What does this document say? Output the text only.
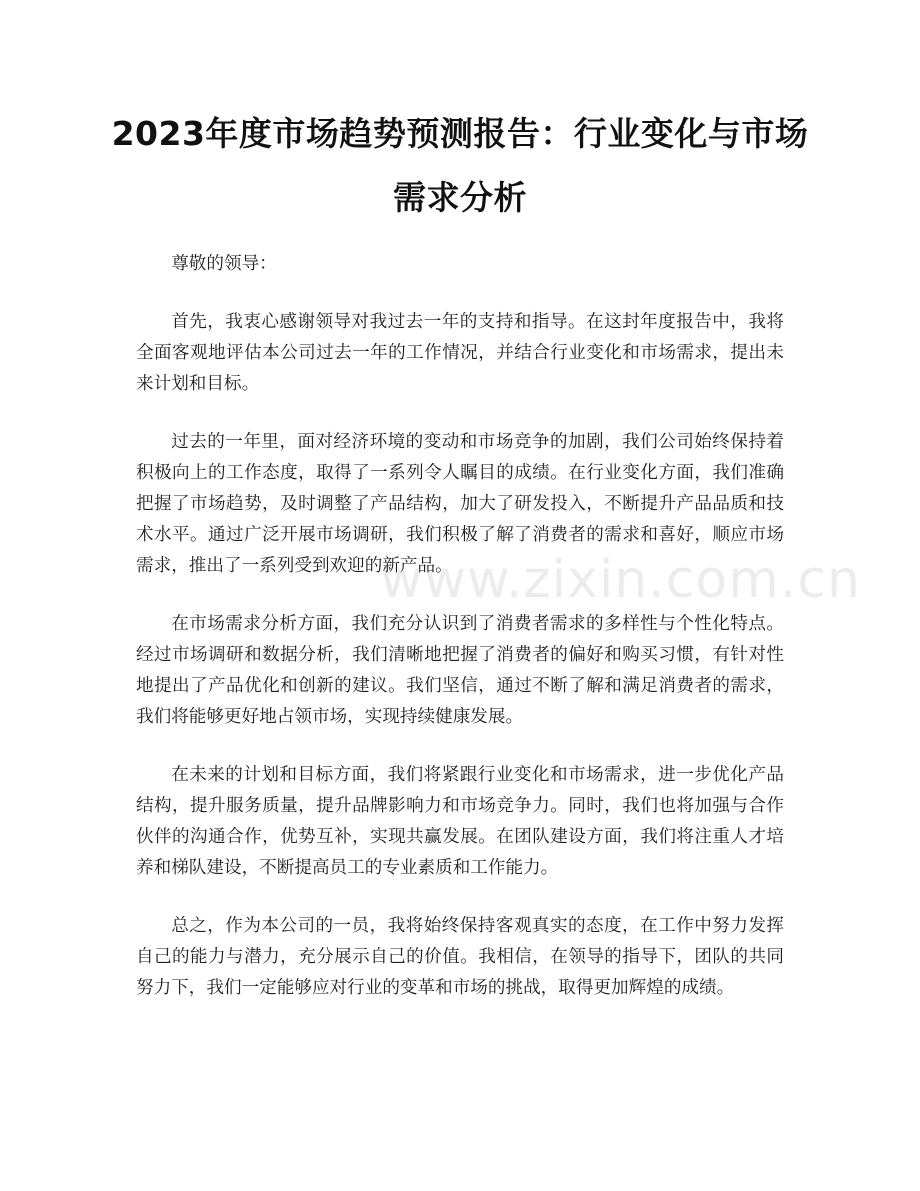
2023年度市场趋势预测报告：行业变化与市场需求分析

尊敬的领导：

首先，我衷心感谢领导对我过去一年的支持和指导。在这封年度报告中，我将全面客观地评估本公司过去一年的工作情况，并结合行业变化和市场需求，提出未来计划和目标。

过去的一年里，面对经济环境的变动和市场竞争的加剧，我们公司始终保持着积极向上的工作态度，取得了一系列令人瞩目的成绩。在行业变化方面，我们准确把握了市场趋势，及时调整了产品结构，加大了研发投入，不断提升产品品质和技术水平。通过广泛开展市场调研，我们积极了解了消费者的需求和喜好，顺应市场需求，推出了一系列受到欢迎的新产品。

在市场需求分析方面，我们充分认识到了消费者需求的多样性与个性化特点。经过市场调研和数据分析，我们清晰地把握了消费者的偏好和购买习惯，有针对性地提出了产品优化和创新的建议。我们坚信，通过不断了解和满足消费者的需求，我们将能够更好地占领市场，实现持续健康发展。

在未来的计划和目标方面，我们将紧跟行业变化和市场需求，进一步优化产品结构，提升服务质量，提升品牌影响力和市场竞争力。同时，我们也将加强与合作伙伴的沟通合作，优势互补，实现共赢发展。在团队建设方面，我们将注重人才培养和梯队建设，不断提高员工的专业素质和工作能力。

总之，作为本公司的一员，我将始终保持客观真实的态度，在工作中努力发挥自己的能力与潜力，充分展示自己的价值。我相信，在领导的指导下，团队的共同努力下，我们一定能够应对行业的变革和市场的挑战，取得更加辉煌的成绩。

www.zixin.com.cn
